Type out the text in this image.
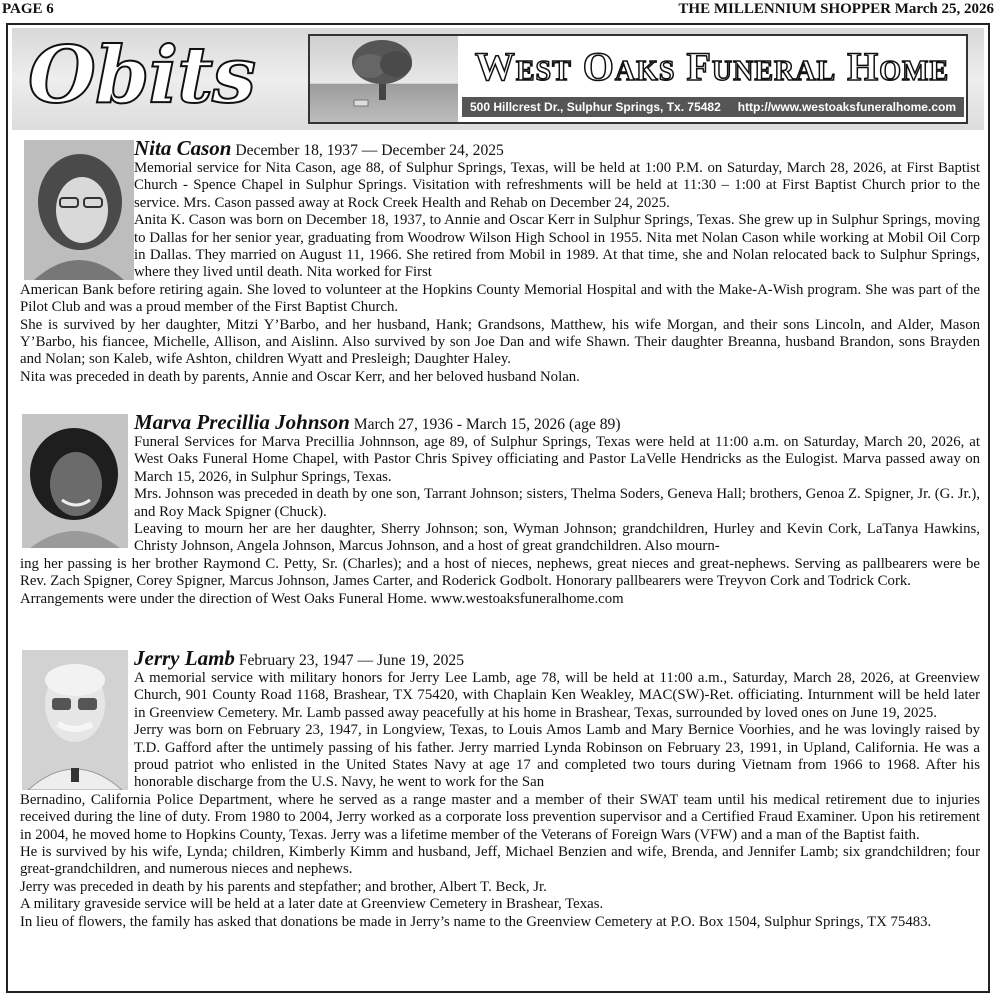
PAGE 6	THE MILLENNIUM SHOPPER March 25, 2026
Obits	West Oaks Funeral Home
500 Hillcrest Dr., Sulphur Springs, Tx. 75482 http://www.westoaksfuneralhome.com
Nita Cason December 18, 1937 — December 24, 2025

Memorial service for Nita Cason, age 88, of Sulphur Springs, Texas, will be held at 1:00 P.M. on Saturday, March 28, 2026, at First Baptist Church - Spence Chapel in Sulphur Springs. Visitation with refreshments will be held at 11:30 – 1:00 at First Baptist Church prior to the service. Mrs. Cason passed away at Rock Creek Health and Rehab on December 24, 2025.

Anita K. Cason was born on December 18, 1937, to Annie and Oscar Kerr in Sulphur Springs, Texas. She grew up in Sulphur Springs, moving to Dallas for her senior year, graduating from Woodrow Wilson High School in 1955. Nita met Nolan Cason while working at Mobil Oil Corp in Dallas. They married on August 11, 1966. She retired from Mobil in 1989. At that time, she and Nolan relocated back to Sulphur Springs, where they lived until death. Nita worked for First

American Bank before retiring again. She loved to volunteer at the Hopkins County Memorial Hospital and with the Make-A-Wish program. She was part of the Pilot Club and was a proud member of the First Baptist Church.

She is survived by her daughter, Mitzi Y’Barbo, and her husband, Hank; Grandsons, Matthew, his wife Morgan, and their sons Lincoln, and Alder, Mason Y’Barbo, his fiancee, Michelle, Allison, and Aislinn. Also survived by son Joe Dan and wife Shawn. Their daughter Breanna, husband Brandon, sons Brayden and Nolan; son Kaleb, wife Ashton, children Wyatt and Presleigh; Daughter Haley.

Nita was preceded in death by parents, Annie and Oscar Kerr, and her beloved husband Nolan.

Marva Precillia Johnson March 27, 1936 - March 15, 2026 (age 89)

Funeral Services for Marva Precillia Johnnson, age 89, of Sulphur Springs, Texas were held at 11:00 a.m. on Saturday, March 20, 2026, at West Oaks Funeral Home Chapel, with Pastor Chris Spivey officiating and Pastor LaVelle Hendricks as the Eulogist. Marva passed away on March 15, 2026, in Sulphur Springs, Texas.

Mrs. Johnson was preceded in death by one son, Tarrant Johnson; sisters, Thelma Soders, Geneva Hall; brothers, Genoa Z. Spigner, Jr. (G. Jr.), and Roy Mack Spigner (Chuck).

Leaving to mourn her are her daughter, Sherry Johnson; son, Wyman Johnson; grandchildren, Hurley and Kevin Cork, LaTanya Hawkins, Christy Johnson, Angela Johnson, Marcus Johnson, and a host of great grandchildren. Also mourn-

ing her passing is her brother Raymond C. Petty, Sr. (Charles); and a host of nieces, nephews, great nieces and great-nephews. Serving as pallbearers were be Rev. Zach Spigner, Corey Spigner, Marcus Johnson, James Carter, and Roderick Godbolt. Honorary pallbearers were Treyvon Cork and Todrick Cork.

Arrangements were under the direction of West Oaks Funeral Home. www.westoaksfuneralhome.com

Jerry Lamb February 23, 1947 — June 19, 2025

A memorial service with military honors for Jerry Lee Lamb, age 78, will be held at 11:00 a.m., Saturday, March 28, 2026, at Greenview Church, 901 County Road 1168, Brashear, TX 75420, with Chaplain Ken Weakley, MAC(SW)-Ret. officiating. Inturnment will be held later in Greenview Cemetery. Mr. Lamb passed away peacefully at his home in Brashear, Texas, surrounded by loved ones on June 19, 2025.

Jerry was born on February 23, 1947, in Longview, Texas, to Louis Amos Lamb and Mary Bernice Voorhies, and he was lovingly raised by T.D. Gafford after the untimely passing of his father. Jerry married Lynda Robinson on February 23, 1991, in Upland, California. He was a proud patriot who enlisted in the United States Navy at age 17 and completed two tours during Vietnam from 1966 to 1968. After his honorable discharge from the U.S. Navy, he went to work for the San

Bernadino, California Police Department, where he served as a range master and a member of their SWAT team until his medical retirement due to injuries received during the line of duty. From 1980 to 2004, Jerry worked as a corporate loss prevention supervisor and a Certified Fraud Examiner. Upon his retirement in 2004, he moved home to Hopkins County, Texas. Jerry was a lifetime member of the Veterans of Foreign Wars (VFW) and a man of the Baptist faith.

He is survived by his wife, Lynda; children, Kimberly Kimm and husband, Jeff, Michael Benzien and wife, Brenda, and Jennifer Lamb; six grandchildren; four great-grandchildren, and numerous nieces and nephews.

Jerry was preceded in death by his parents and stepfather; and brother, Albert T. Beck, Jr.

A military graveside service will be held at a later date at Greenview Cemetery in Brashear, Texas.

In lieu of flowers, the family has asked that donations be made in Jerry’s name to the Greenview Cemetery at P.O. Box 1504, Sulphur Springs, TX 75483.
